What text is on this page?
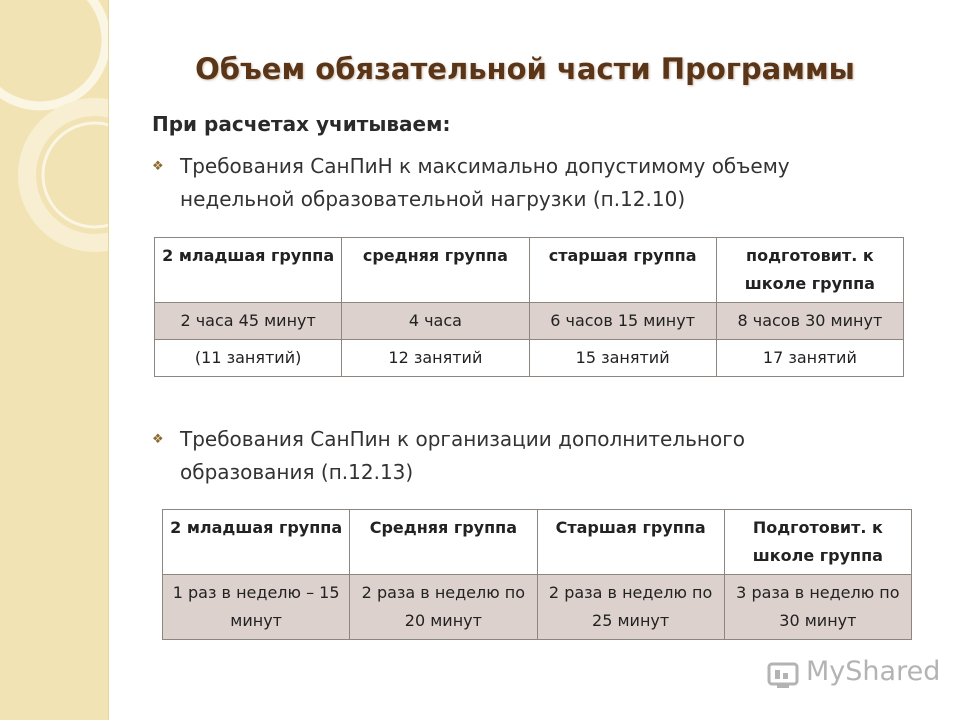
Объем обязательной части Программы
При расчетах учитываем:
❖ Требования СанПиН к максимально допустимому объему
недельной образовательной нагрузки (п.12.10)
2 младшая группа	средняя группа	старшая группа	подготовит. к школе группа
2 часа 45 минут	4 часа	6 часов 15 минут	8 часов 30 минут
(11 занятий)	12 занятий	15 занятий	17 занятий
❖ Требования СанПин к организации дополнительного
образования (п.12.13)
2 младшая группа	Средняя группа	Старшая группа	Подготовит. к школе группа
1 раз в неделю – 15 минут	2 раза в неделю по 20 минут	2 раза в неделю по 25 минут	3 раза в неделю по 30 минут
MyShared
